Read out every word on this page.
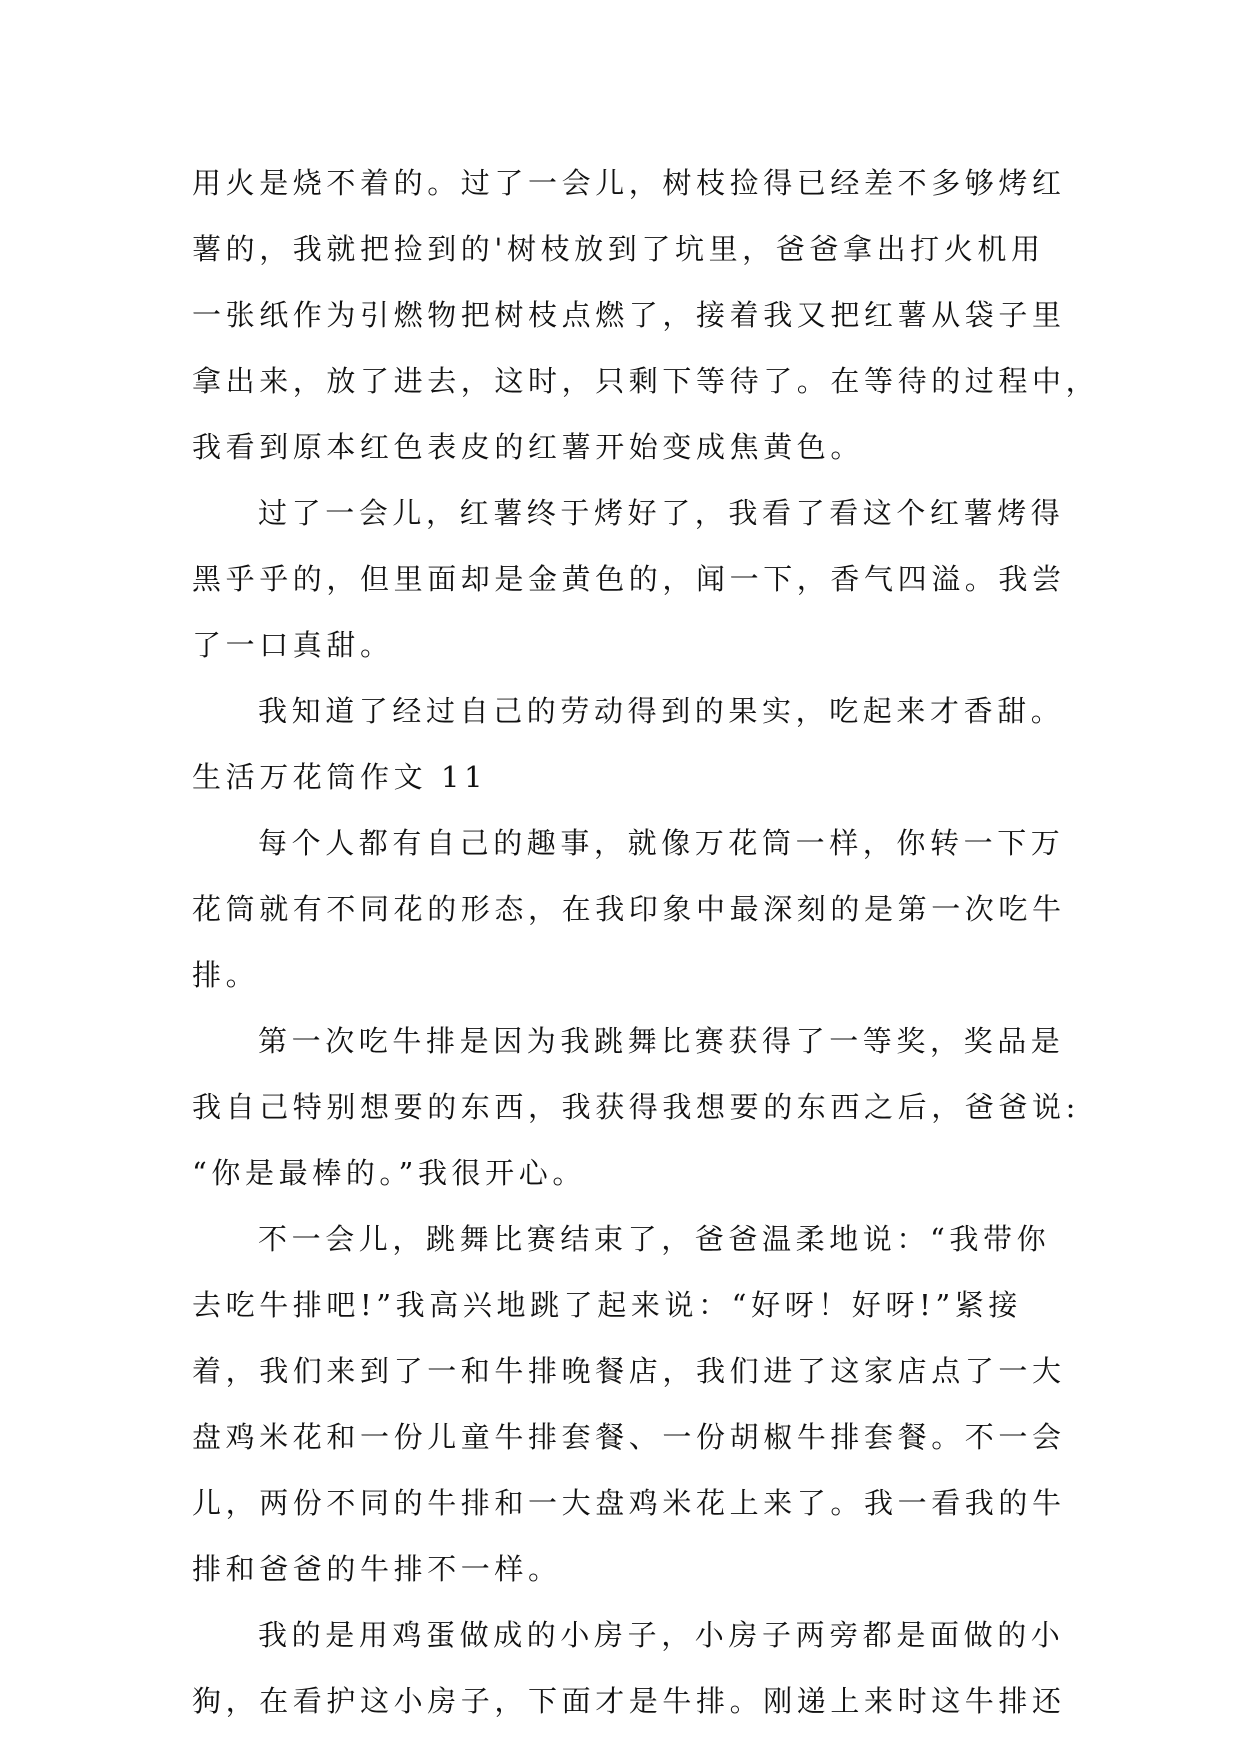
用火是烧不着的。过了一会儿，树枝捡得已经差不多够烤红
薯的，我就把捡到的'树枝放到了坑里，爸爸拿出打火机用
一张纸作为引燃物把树枝点燃了，接着我又把红薯从袋子里
拿出来，放了进去，这时，只剩下等待了。在等待的过程中，
我看到原本红色表皮的红薯开始变成焦黄色。
过了一会儿，红薯终于烤好了，我看了看这个红薯烤得
黑乎乎的，但里面却是金黄色的，闻一下，香气四溢。我尝
了一口真甜。
我知道了经过自己的劳动得到的果实，吃起来才香甜。
生活万花筒作文 11
每个人都有自己的趣事，就像万花筒一样，你转一下万
花筒就有不同花的形态，在我印象中最深刻的是第一次吃牛
排。
第一次吃牛排是因为我跳舞比赛获得了一等奖，奖品是
我自己特别想要的东西，我获得我想要的东西之后，爸爸说:
“你是最棒的。”我很开心。
不一会儿，跳舞比赛结束了，爸爸温柔地说：“我带你
去吃牛排吧!”我高兴地跳了起来说：“好呀！好呀!”紧接
着，我们来到了一和牛排晚餐店，我们进了这家店点了一大
盘鸡米花和一份儿童牛排套餐、一份胡椒牛排套餐。不一会
儿，两份不同的牛排和一大盘鸡米花上来了。我一看我的牛
排和爸爸的牛排不一样。
我的是用鸡蛋做成的小房子，小房子两旁都是面做的小
狗，在看护这小房子，下面才是牛排。刚递上来时这牛排还
